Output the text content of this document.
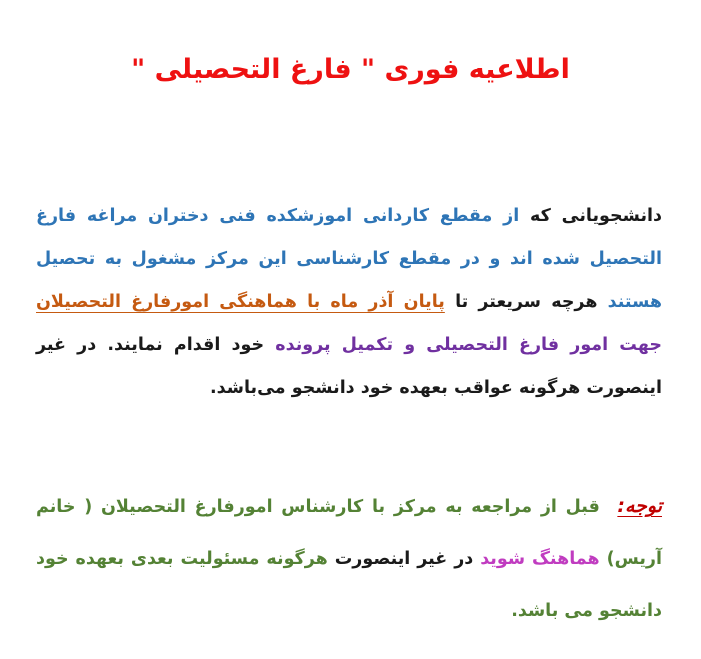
اطلاعیه فوری " فارغ التحصیلی "
دانشجویانی که از مقطع کاردانی اموزشکده فنی دختران مراغه فارغ التحصیل شده اند و در مقطع کارشناسی این مرکز مشغول به تحصیل هستند هرچه سریعتر تا پایان آذر ماه با هماهنگی امورفارغ التحصیلان جهت امور فارغ التحصیلی و تکمیل پرونده خود اقدام نمایند. در غیر اینصورت هرگونه عواقب بعهده خود دانشجو می‌باشد.
توجه:  قبل از مراجعه به مرکز با کارشناس امورفارغ التحصیلان ( خانم آریس) هماهنگ شوید در غیر اینصورت هرگونه مسئولیت بعدی بعهده خود دانشجو می باشد.
